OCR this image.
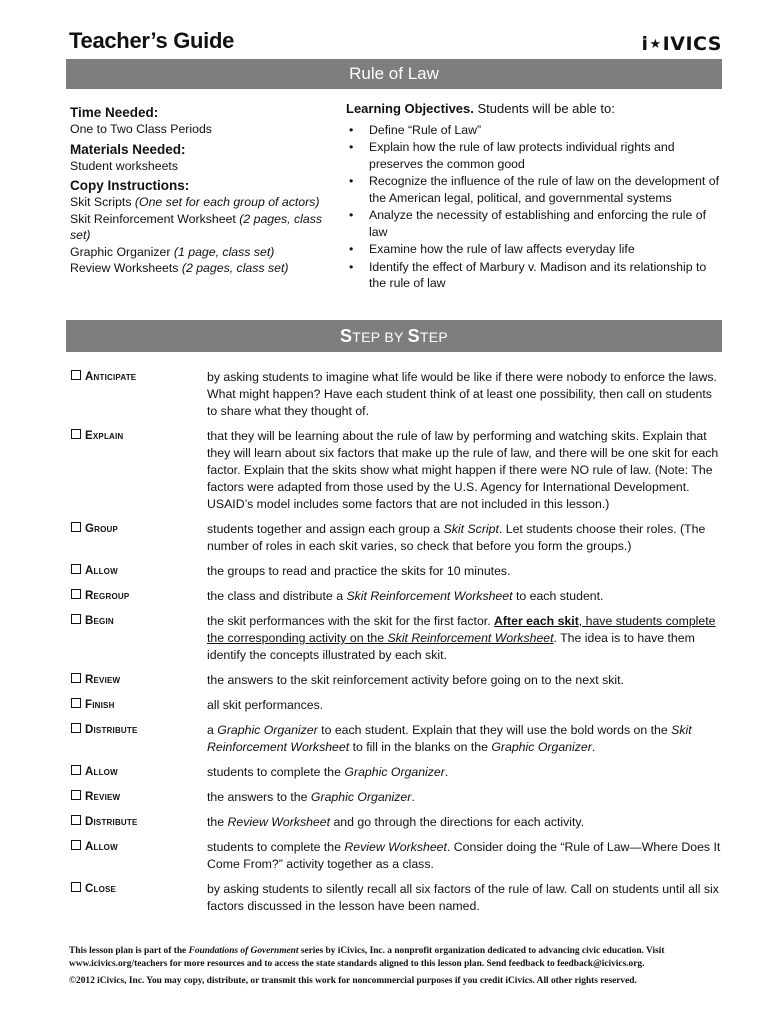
Teacher’s Guide	i★IVICS
Rule of Law
Time Needed:
One to Two Class Periods
Materials Needed:
Student worksheets
Copy Instructions:
Skit Scripts (One set for each group of actors)
Skit Reinforcement Worksheet (2 pages, class set)
Graphic Organizer (1 page, class set)
Review Worksheets (2 pages, class set)
Learning Objectives. Students will be able to:
• Define “Rule of Law”
• Explain how the rule of law protects individual rights and preserves the common good
• Recognize the influence of the rule of law on the development of the American legal, political, and governmental systems
• Analyze the necessity of establishing and enforcing the rule of law
• Examine how the rule of law affects everyday life
• Identify the effect of Marbury v. Madison and its relationship to the rule of law
STEP BY STEP
Anticipate	by asking students to imagine what life would be like if there were nobody to enforce the laws. What might happen? Have each student think of at least one possibility, then call on students to share what they thought of.
Explain	that they will be learning about the rule of law by performing and watching skits. Explain that they will learn about six factors that make up the rule of law, and there will be one skit for each factor. Explain that the skits show what might happen if there were NO rule of law. (Note: The factors were adapted from those used by the U.S. Agency for International Development. USAID’s model includes some factors that are not included in this lesson.)
Group	students together and assign each group a Skit Script. Let students choose their roles. (The number of roles in each skit varies, so check that before you form the groups.)
Allow	the groups to read and practice the skits for 10 minutes.
Regroup	the class and distribute a Skit Reinforcement Worksheet to each student.
Begin	the skit performances with the skit for the first factor. After each skit, have students complete the corresponding activity on the Skit Reinforcement Worksheet. The idea is to have them identify the concepts illustrated by each skit.
Review	the answers to the skit reinforcement activity before going on to the next skit.
Finish	all skit performances.
Distribute	a Graphic Organizer to each student. Explain that they will use the bold words on the Skit Reinforcement Worksheet to fill in the blanks on the Graphic Organizer.
Allow	students to complete the Graphic Organizer.
Review	the answers to the Graphic Organizer.
Distribute	the Review Worksheet and go through the directions for each activity.
Allow	students to complete the Review Worksheet. Consider doing the “Rule of Law—Where Does It Come From?” activity together as a class.
Close	by asking students to silently recall all six factors of the rule of law. Call on students until all six factors discussed in the lesson have been named.

This lesson plan is part of the Foundations of Government series by iCivics, Inc. a nonprofit organization dedicated to advancing civic education. Visit www.icivics.org/teachers for more resources and to access the state standards aligned to this lesson plan. Send feedback to feedback@icivics.org.

©2012 iCivics, Inc. You may copy, distribute, or transmit this work for noncommercial purposes if you credit iCivics. All other rights reserved.
